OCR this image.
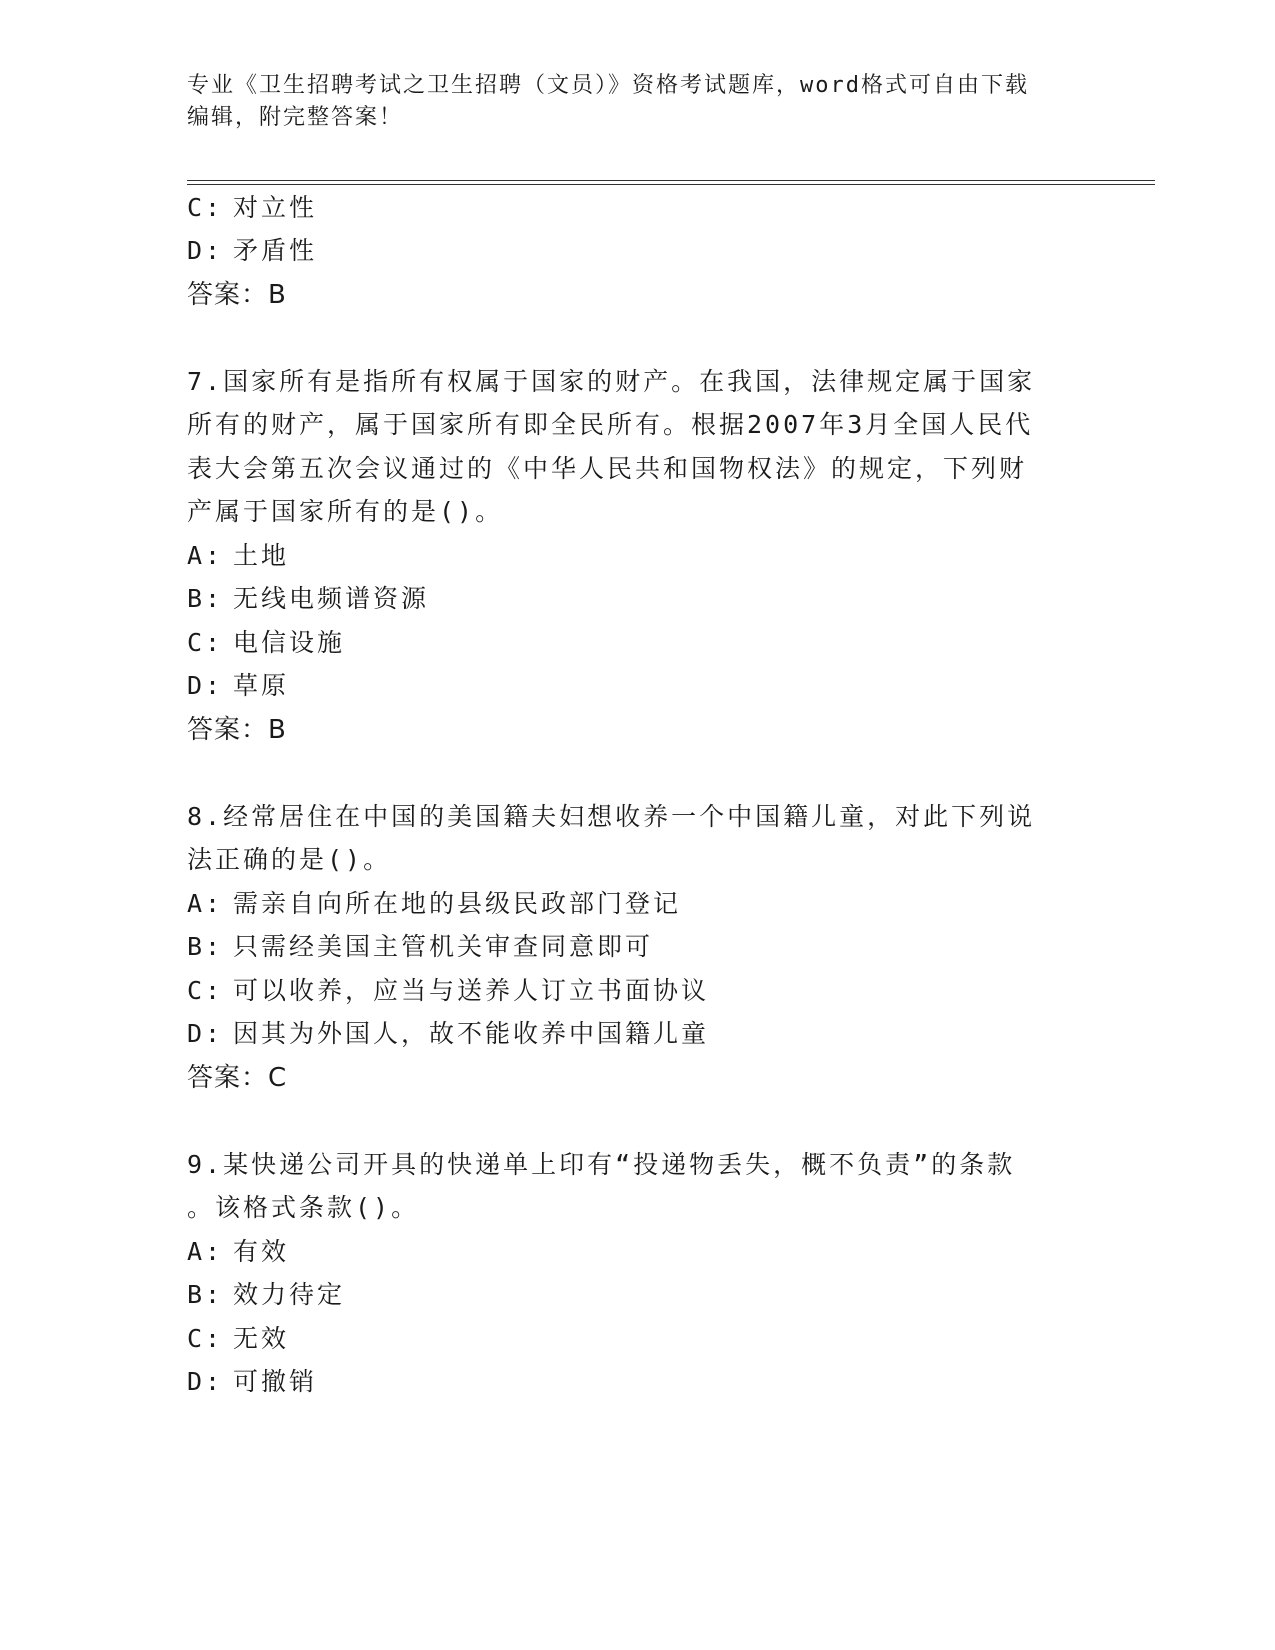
专业《卫生招聘考试之卫生招聘（文员）》资格考试题库，word格式可自由下载
编辑，附完整答案！
C: 对立性
D: 矛盾性
答案：B
7.国家所有是指所有权属于国家的财产。在我国，法律规定属于国家
所有的财产，属于国家所有即全民所有。根据2007年3月全国人民代
表大会第五次会议通过的《中华人民共和国物权法》的规定，下列财
产属于国家所有的是()。
A: 土地
B: 无线电频谱资源
C: 电信设施
D: 草原
答案：B
8.经常居住在中国的美国籍夫妇想收养一个中国籍儿童，对此下列说
法正确的是()。
A: 需亲自向所在地的县级民政部门登记
B: 只需经美国主管机关审查同意即可
C: 可以收养，应当与送养人订立书面协议
D: 因其为外国人，故不能收养中国籍儿童
答案：C
9.某快递公司开具的快递单上印有“投递物丢失，概不负责”的条款
。该格式条款()。
A: 有效
B: 效力待定
C: 无效
D: 可撤销
